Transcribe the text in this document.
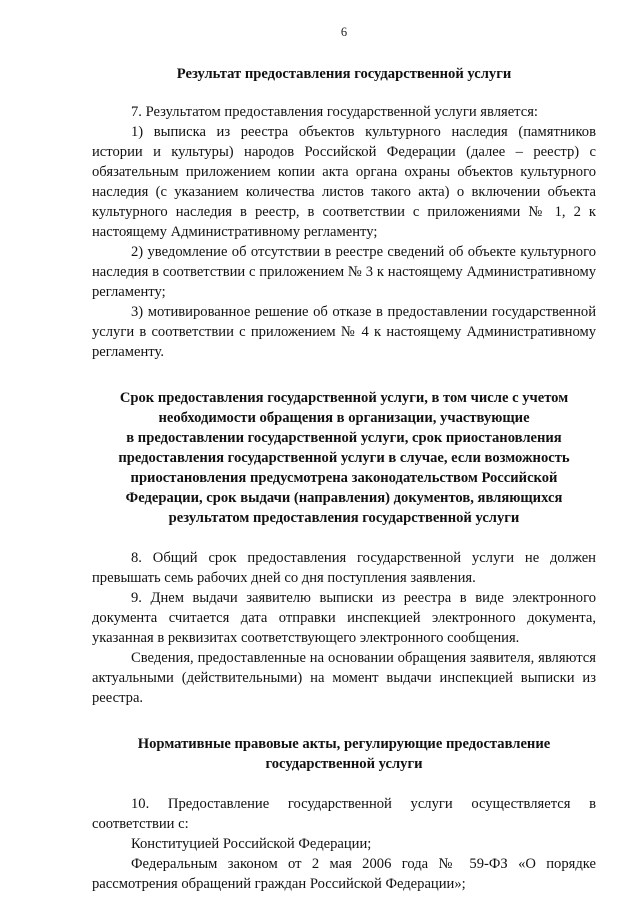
6
Результат предоставления государственной услуги

7. Результатом предоставления государственной услуги является:

1) выписка из реестра объектов культурного наследия (памятников истории и культуры) народов Российской Федерации (далее – реестр) с обязательным приложением копии акта органа охраны объектов культурного наследия (с указанием количества листов такого акта) о включении объекта культурного наследия в реестр, в соответствии с приложениями № 1, 2 к настоящему Административному регламенту;

2) уведомление об отсутствии в реестре сведений об объекте культурного наследия в соответствии с приложением № 3 к настоящему Административному регламенту;

3) мотивированное решение об отказе в предоставлении государственной услуги в соответствии с приложением № 4 к настоящему Административному регламенту.

Срок предоставления государственной услуги, в том числе с учетом
необходимости обращения в организации, участвующие
в предоставлении государственной услуги, срок приостановления
предоставления государственной услуги в случае, если возможность
приостановления предусмотрена законодательством Российской
Федерации, срок выдачи (направления) документов, являющихся
результатом предоставления государственной услуги

8. Общий срок предоставления государственной услуги не должен превышать семь рабочих дней со дня поступления заявления.

9. Днем выдачи заявителю выписки из реестра в виде электронного документа считается дата отправки инспекцией электронного документа, указанная в реквизитах соответствующего электронного сообщения.

Сведения, предоставленные на основании обращения заявителя, являются актуальными (действительными) на момент выдачи инспекцией выписки из реестра.

Нормативные правовые акты, регулирующие предоставление
государственной услуги

10. Предоставление государственной услуги осуществляется в соответствии с:

Конституцией Российской Федерации;

Федеральным законом от 2 мая 2006 года № 59-ФЗ «О порядке рассмотрения обращений граждан Российской Федерации»;
